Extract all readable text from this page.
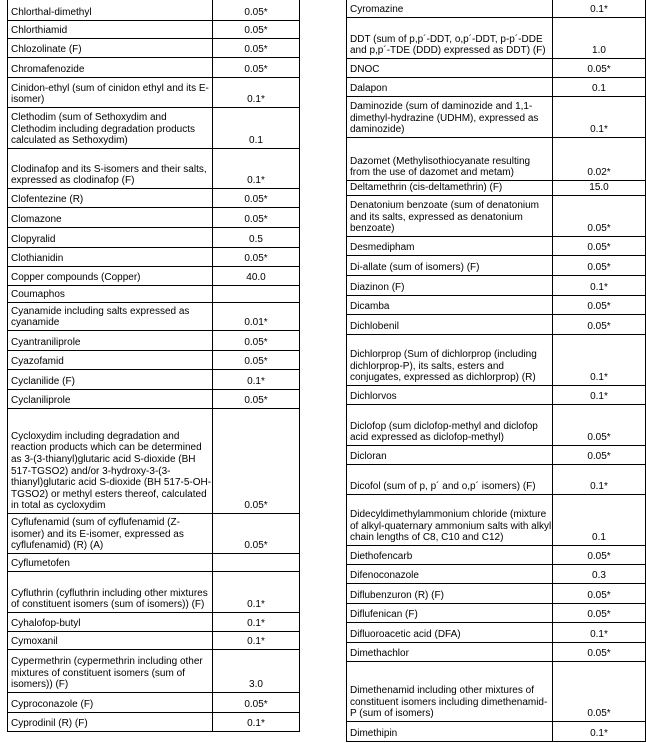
Chlorthal-dimethyl	0.05*
Chlorthiamid	0.05*
Chlozolinate (F)	0.05*
Chromafenozide	0.05*
Cinidon-ethyl (sum of cinidon ethyl and its E-isomer)	0.1*
Clethodim (sum of Sethoxydim and Clethodim including degradation products calculated as Sethoxydim)	0.1
Clodinafop and its S-isomers and their salts, expressed as clodinafop (F)	0.1*
Clofentezine (R)	0.05*
Clomazone	0.05*
Clopyralid	0.5
Clothianidin	0.05*
Copper compounds (Copper)	40.0
Coumaphos	
Cyanamide including salts expressed as cyanamide	0.01*
Cyantraniliprole	0.05*
Cyazofamid	0.05*
Cyclanilide (F)	0.1*
Cyclaniliprole	0.05*
Cycloxydim including degradation and reaction products which can be determined as 3-(3-thianyl)glutaric acid S-dioxide (BH 517-TGSO2) and/or 3-hydroxy-3-(3-thianyl)glutaric acid S-dioxide (BH 517-5-OH-TGSO2) or methyl esters thereof, calculated in total as cycloxydim	0.05*
Cyflufenamid (sum of cyflufenamid (Z-isomer) and its E-isomer, expressed as cyflufenamid) (R) (A)	0.05*
Cyflumetofen	
Cyfluthrin (cyfluthrin including other mixtures of constituent isomers (sum of isomers)) (F)	0.1*
Cyhalofop-butyl	0.1*
Cymoxanil	0.1*
Cypermethrin (cypermethrin including other mixtures of constituent isomers (sum of isomers)) (F)	3.0
Cyproconazole (F)	0.05*
Cyprodinil (R) (F)	0.1*
Cyromazine	0.1*
DDT (sum of p,p´-DDT, o,p´-DDT, p-p´-DDE and p,p´-TDE (DDD) expressed as DDT) (F)	1.0
DNOC	0.05*
Dalapon	0.1
Daminozide (sum of daminozide and 1,1-dimethyl-hydrazine (UDHM), expressed as daminozide)	0.1*
Dazomet (Methylisothiocyanate resulting from the use of dazomet and metam)	0.02*
Deltamethrin (cis-deltamethrin) (F)	15.0
Denatonium benzoate (sum of denatonium and its salts, expressed as denatonium benzoate)	0.05*
Desmedipham	0.05*
Di-allate (sum of isomers) (F)	0.05*
Diazinon (F)	0.1*
Dicamba	0.05*
Dichlobenil	0.05*
Dichlorprop (Sum of dichlorprop (including dichlorprop-P), its salts, esters and conjugates, expressed as dichlorprop) (R)	0.1*
Dichlorvos	0.1*
Diclofop (sum diclofop-methyl and diclofop acid expressed as diclofop-methyl)	0.05*
Dicloran	0.05*
Dicofol (sum of p, p´ and o,p´ isomers) (F)	0.1*
Didecyldimethylammonium chloride (mixture of alkyl-quaternary ammonium salts with alkyl chain lengths of C8, C10 and C12)	0.1
Diethofencarb	0.05*
Difenoconazole	0.3
Diflubenzuron (R) (F)	0.05*
Diflufenican (F)	0.05*
Difluoroacetic acid (DFA)	0.1*
Dimethachlor	0.05*
Dimethenamid including other mixtures of constituent isomers including dimethenamid-P (sum of isomers)	0.05*
Dimethipin	0.1*
